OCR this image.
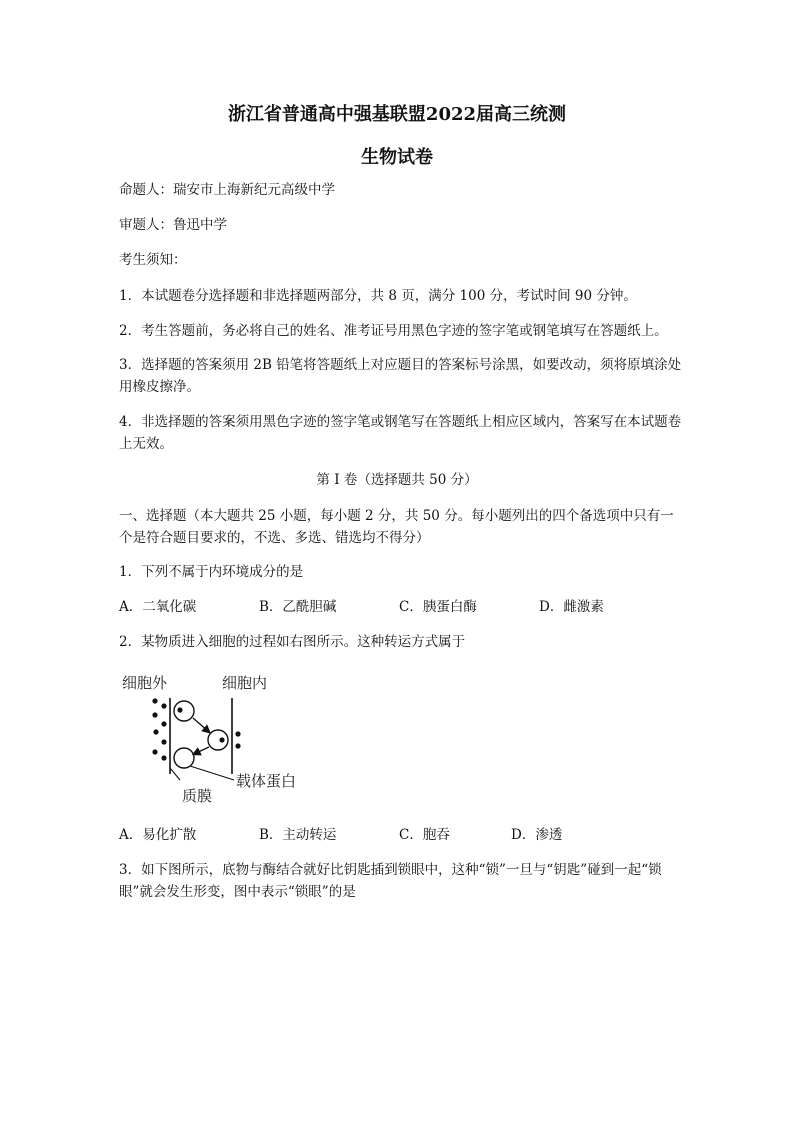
浙江省普通高中强基联盟2022届高三统测
生物试卷
命题人：瑞安市上海新纪元高级中学
审题人：鲁迅中学
考生须知：
1．本试题卷分选择题和非选择题两部分，共 8 页，满分 100 分，考试时间 90 分钟。
2．考生答题前，务必将自己的姓名、准考证号用黑色字迹的签字笔或钢笔填写在答题纸上。
3．选择题的答案须用 2B 铅笔将答题纸上对应题目的答案标号涂黑，如要改动，须将原填涂处用橡皮擦净。
4．非选择题的答案须用黑色字迹的签字笔或钢笔写在答题纸上相应区域内，答案写在本试题卷上无效。
第 I 卷（选择题共 50 分）
一、选择题（本大题共 25 小题，每小题 2 分，共 50 分。每小题列出的四个备选项中只有一个是符合题目要求的，不选、多选、错选均不得分）
1．下列不属于内环境成分的是
A．二氧化碳	B．乙酰胆碱	C．胰蛋白酶	D．雌激素
2．某物质进入细胞的过程如右图所示。这种转运方式属于
细胞外	细胞内
载体蛋白
质膜
A．易化扩散	B．主动转运	C．胞吞	D．渗透
3．如下图所示，底物与酶结合就好比钥匙插到锁眼中，这种“锁”一旦与“钥匙”碰到一起“锁眼”就会发生形变，图中表示“锁眼”的是
